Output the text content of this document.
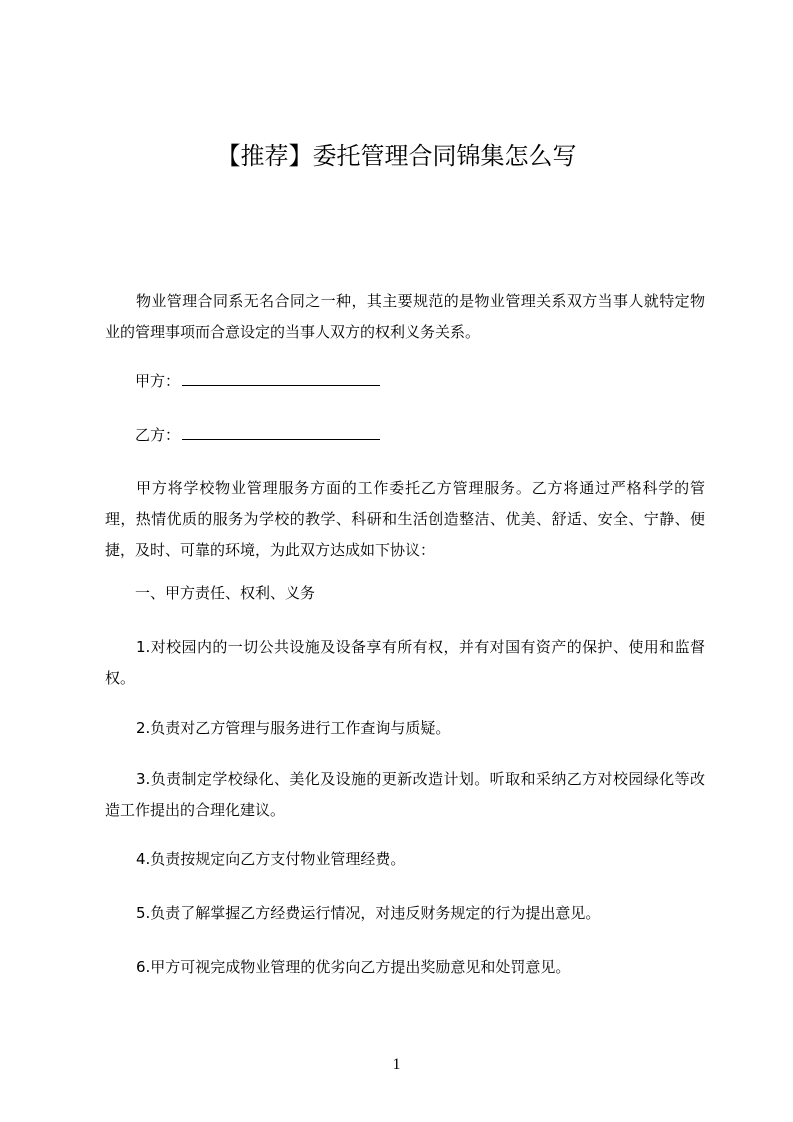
【推荐】委托管理合同锦集怎么写

物业管理合同系无名合同之一种，其主要规范的是物业管理关系双方当事人就特定物业的管理事项而合意设定的当事人双方的权利义务关系。

甲方：

乙方：

甲方将学校物业管理服务方面的工作委托乙方管理服务。乙方将通过严格科学的管理，热情优质的服务为学校的教学、科研和生活创造整洁、优美、舒适、安全、宁静、便捷，及时、可靠的环境，为此双方达成如下协议：

一、甲方责任、权利、义务

1.对校园内的一切公共设施及设备享有所有权，并有对国有资产的保护、使用和监督权。

2.负责对乙方管理与服务进行工作查询与质疑。

3.负责制定学校绿化、美化及设施的更新改造计划。听取和采纳乙方对校园绿化等改造工作提出的合理化建议。

4.负责按规定向乙方支付物业管理经费。

5.负责了解掌握乙方经费运行情况，对违反财务规定的行为提出意见。

6.甲方可视完成物业管理的优劣向乙方提出奖励意见和处罚意见。

1
